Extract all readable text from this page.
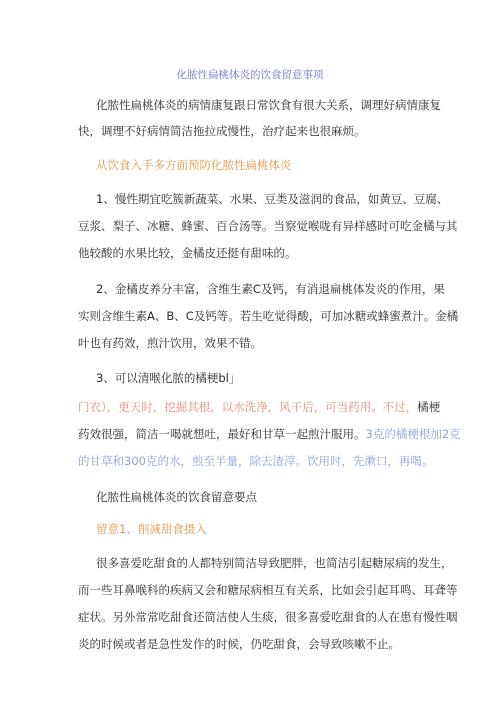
化脓性扁桃体炎的饮食留意事项
化脓性扁桃体炎的病情康复跟日常饮食有很大关系，调理好病情康复
快，调理不好病情简洁拖拉成慢性，治疗起来也很麻烦。
从饮食入手多方面预防化脓性扁桃体炎
1、慢性期宜吃簇新蔬菜、水果、豆类及滋润的食品，如黄豆、豆腐、
豆浆、梨子、冰糖、蜂蜜、百合汤等。当察觉喉咙有异样感时可吃金橘与其
他较酸的水果比较，金橘皮还挺有甜味的。
2、金橘皮养分丰富，含维生素C及钙，有消退扁桃体发炎的作用，果
实则含维生素A、B、C及钙等。若生吃觉得酸，可加冰糖或蜂蜜煮汁。金橘
叶也有药效，煎汁饮用，效果不错。
3、可以清喉化脓的橘梗bl」
门衣），更天时，挖掘其根，以水洗净，风干后，可当药用。不过，橘梗
药效很强，简洁一喝就想吐，最好和甘草一起煎汁服用。3克的橘梗根加2克
的甘草和300克的水，煎至半量，除去渣滓。饮用时，先漱口，再喝。
化脓性扁桃体炎的饮食留意要点
留意1、削减甜食摄入
很多喜爱吃甜食的人都特别简洁导致肥胖，也简洁引起糖尿病的发生，
而一些耳鼻喉科的疾病又会和糖尿病相互有关系，比如会引起耳鸣、耳聋等
症状。另外常常吃甜食还简洁使人生痰，很多喜爱吃甜食的人在患有慢性咽
炎的时候或者是急性发作的时候，仍吃甜食，会导致咳嗽不止。
